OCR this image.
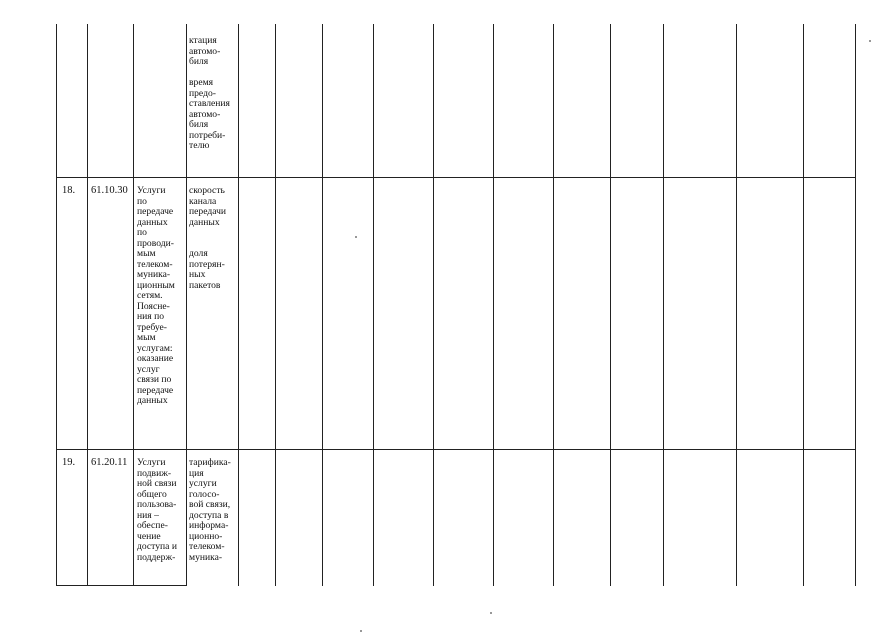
ктация
автомо-
биля

время
предо-
ставления
автомо-
биля
потреби-
телю
18. 61.10.30 Услуги
по
передаче
данных
по
проводи-
мым
телеком-
муника-
ционным
сетям.
Поясне-
ния по
требуе-
мым
услугам:
оказание
услуг
связи по
передаче
данных
скорость
канала
передачи
данных

доля
потерян-
ных
пакетов
19. 61.20.11 Услуги
подвиж-
ной связи
общего
пользова-
ния –
обеспе-
чение
доступа и
поддерж-
тарифика-
ция
услуги
голосо-
вой связи,
доступа в
информа-
ционно-
телеком-
муника-
